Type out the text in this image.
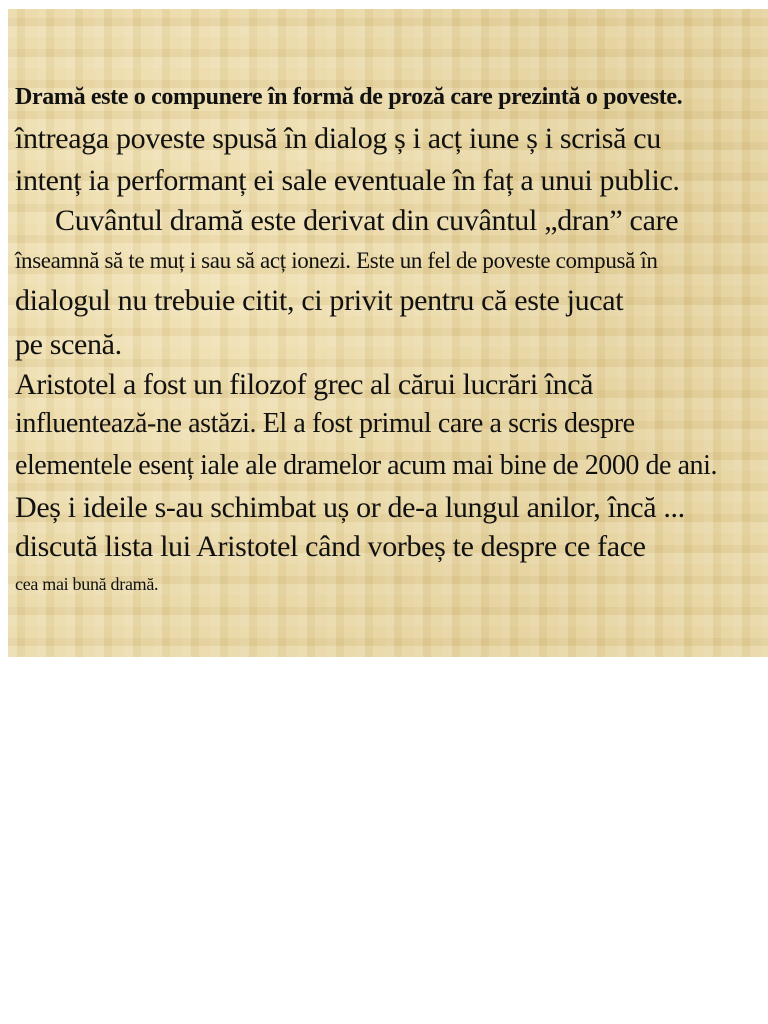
Dramă este o compunere în formă de proză care prezintă o poveste.
întreaga poveste spusă în dialog ș i acț iune ș i scrisă cu
intenț ia performanț ei sale eventuale în faț a unui public.
Cuvântul dramă este derivat din cuvântul „dran” care
înseamnă să te muț i sau să acț ionezi. Este un fel de poveste compusă în
dialogul nu trebuie citit, ci privit pentru că este jucat
pe scenă.
Aristotel a fost un filozof grec al cărui lucrări încă
influentează-ne astăzi. El a fost primul care a scris despre
elementele esenț iale ale dramelor acum mai bine de 2000 de ani.
Deș i ideile s-au schimbat uș or de-a lungul anilor, încă ...
discută lista lui Aristotel când vorbeș te despre ce face
cea mai bună dramă.
